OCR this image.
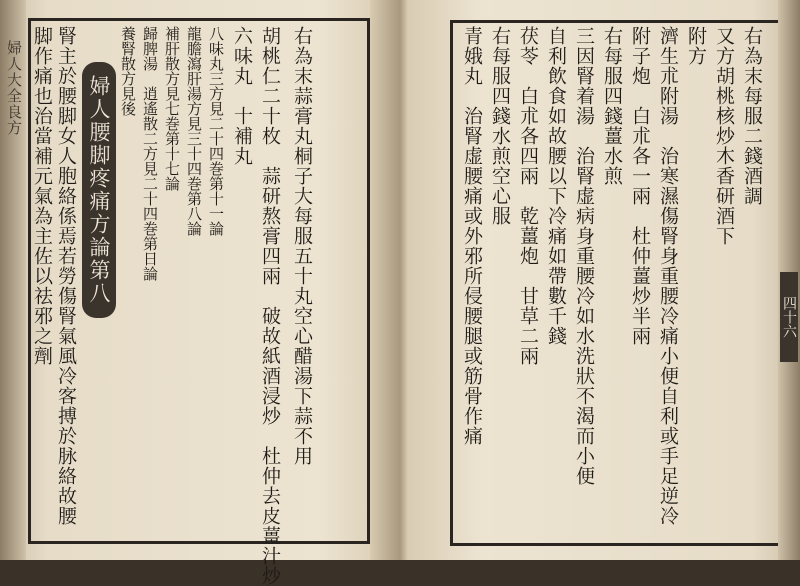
婦人大全良方	右為末蒜膏丸桐子大每服五十丸空心醋湯下蒜不用
胡桃仁二十枚　蒜研熬膏四兩　破故紙酒浸炒　杜仲去皮薑汁炒
六味丸　十補丸
八味丸三方見二十四巻第十一論
龍膽瀉肝湯方見三十四巻第八論
補肝散方見七巻第十七論
歸脾湯　逍遙散二方見二十四巻第日論
養腎散方見後
婦人腰脚疼痛方論第八
腎主於腰脚女人胞絡係焉若勞傷腎氣風冷客搏於脉絡故腰
脚作痛也治當補元氣為主佐以祛邪之劑	右為末每服二錢酒調
又方胡桃核炒木香研酒下
附方
濟生朮附湯　治寒濕傷腎身重腰冷痛小便自利或手足逆冷
附子炮　白朮各一兩　杜仲薑炒半兩
右每服四錢薑水煎
三因腎着湯　治腎虚病身重腰冷如水洗狀不渴而小便
自利飲食如故腰以下冷痛如帶數千錢
茯苓　白朮各四兩　乾薑炮　甘草二兩
右每服四錢水煎空心服
青娥丸　治腎虚腰痛或外邪所侵腰腿或筋骨作痛	四十六
